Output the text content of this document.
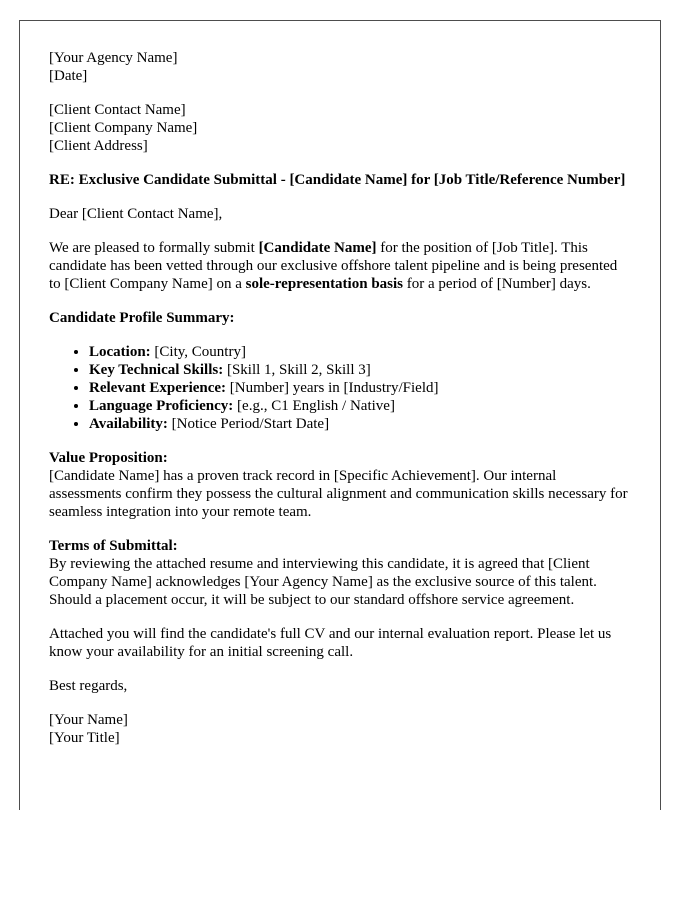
[Your Agency Name]
[Date]
[Client Contact Name]
[Client Company Name]
[Client Address]
RE: Exclusive Candidate Submittal - [Candidate Name] for [Job Title/Reference Number]

Dear [Client Contact Name],

We are pleased to formally submit [Candidate Name] for the position of [Job Title]. This candidate has been vetted through our exclusive offshore talent pipeline and is being presented to [Client Company Name] on a sole-representation basis for a period of [Number] days.

Candidate Profile Summary:

• Location: [City, Country]
• Key Technical Skills: [Skill 1, Skill 2, Skill 3]
• Relevant Experience: [Number] years in [Industry/Field]
• Language Proficiency: [e.g., C1 English / Native]
• Availability: [Notice Period/Start Date]

Value Proposition:
[Candidate Name] has a proven track record in [Specific Achievement]. Our internal assessments confirm they possess the cultural alignment and communication skills necessary for seamless integration into your remote team.

Terms of Submittal:
By reviewing the attached resume and interviewing this candidate, it is agreed that [Client Company Name] acknowledges [Your Agency Name] as the exclusive source of this talent. Should a placement occur, it will be subject to our standard offshore service agreement.

Attached you will find the candidate's full CV and our internal evaluation report. Please let us know your availability for an initial screening call.

Best regards,

[Your Name]
[Your Title]
